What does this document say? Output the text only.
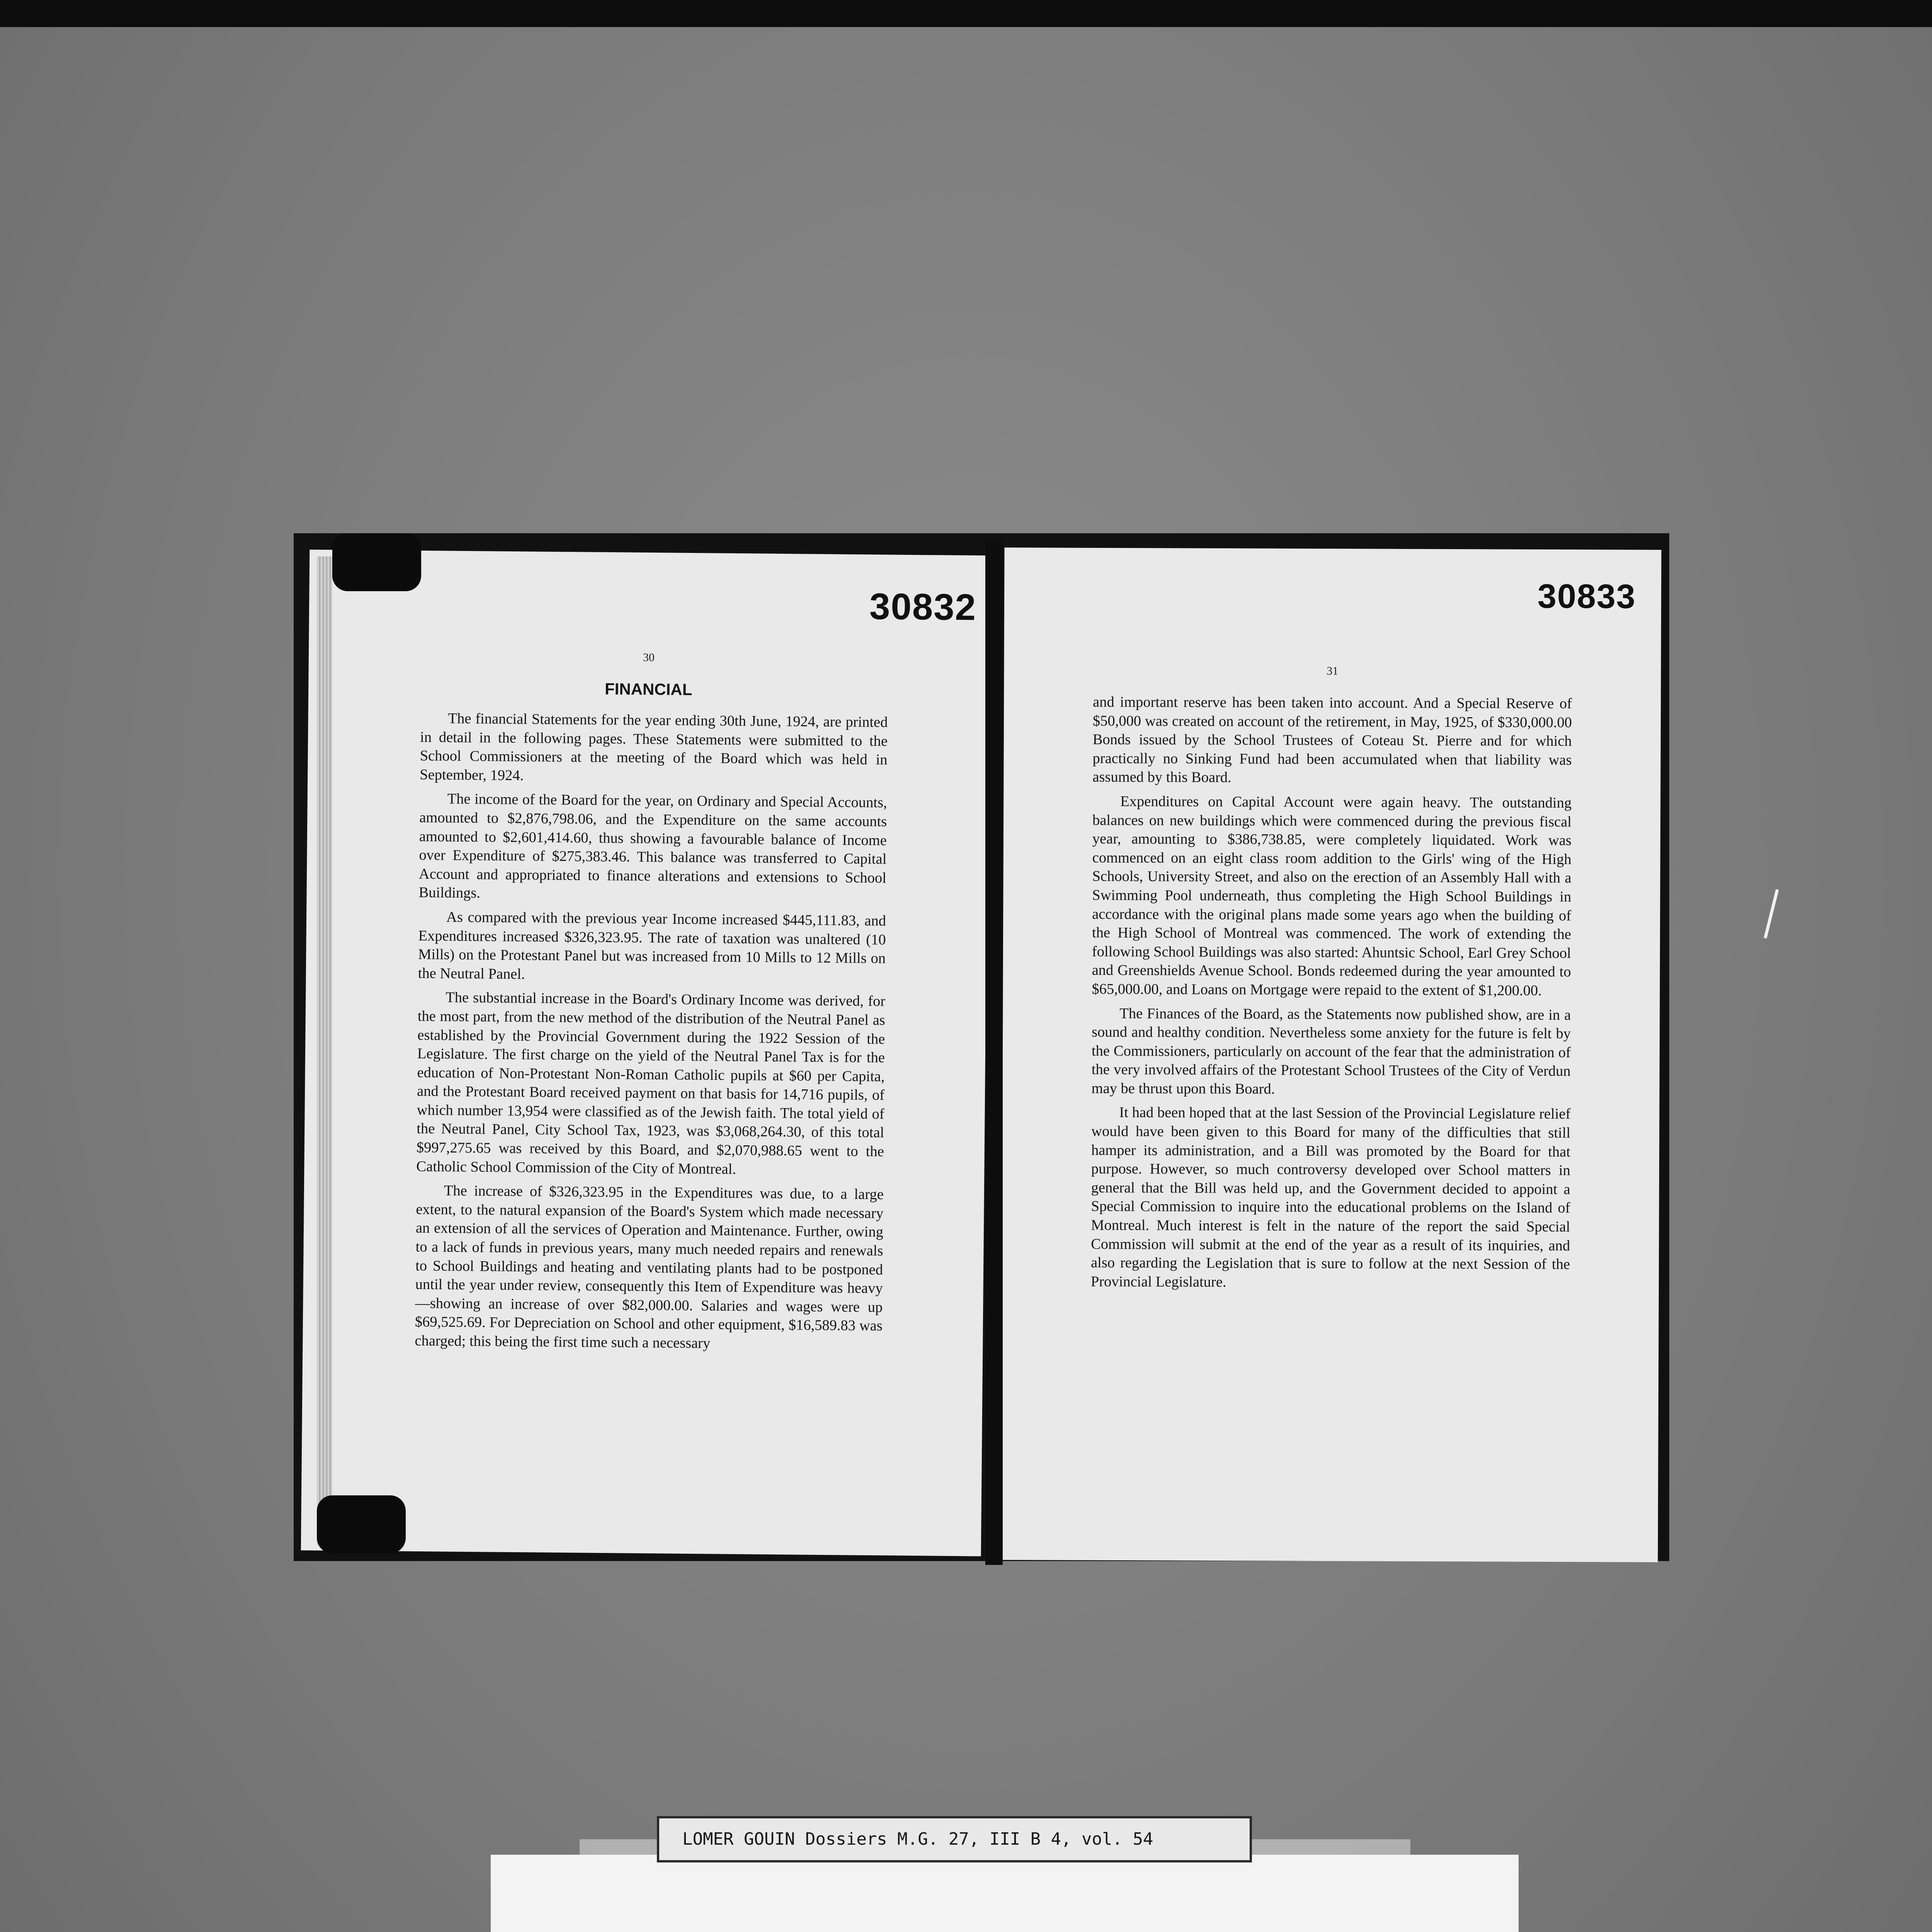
30832
30
FINANCIAL

The financial Statements for the year ending 30th June, 1924, are printed in detail in the following pages. These Statements were submitted to the School Commissioners at the meeting of the Board which was held in September, 1924.

The income of the Board for the year, on Ordinary and Special Accounts, amounted to $2,876,798.06, and the Expenditure on the same accounts amounted to $2,601,414.60, thus showing a favourable balance of Income over Expenditure of $275,383.46. This balance was transferred to Capital Account and appropriated to finance alterations and extensions to School Buildings.

As compared with the previous year Income increased $445,111.83, and Expenditures increased $326,323.95. The rate of taxation was unaltered (10 Mills) on the Protestant Panel but was increased from 10 Mills to 12 Mills on the Neutral Panel.

The substantial increase in the Board's Ordinary Income was derived, for the most part, from the new method of the distribution of the Neutral Panel as established by the Provincial Government during the 1922 Session of the Legislature. The first charge on the yield of the Neutral Panel Tax is for the education of Non-Protestant Non-Roman Catholic pupils at $60 per Capita, and the Protestant Board received payment on that basis for 14,716 pupils, of which number 13,954 were classified as of the Jewish faith. The total yield of the Neutral Panel, City School Tax, 1923, was $3,068,264.30, of this total $997,275.65 was received by this Board, and $2,070,988.65 went to the Catholic School Commission of the City of Montreal.

The increase of $326,323.95 in the Expenditures was due, to a large extent, to the natural expansion of the Board's System which made necessary an extension of all the services of Operation and Maintenance. Further, owing to a lack of funds in previous years, many much needed repairs and renewals to School Buildings and heating and ventilating plants had to be postponed until the year under review, consequently this Item of Expenditure was heavy—showing an increase of over $82,000.00. Salaries and wages were up $69,525.69. For Depreciation on School and other equipment, $16,589.83 was charged; this being the first time such a necessary

30833
31

and important reserve has been taken into account. And a Special Reserve of $50,000 was created on account of the retirement, in May, 1925, of $330,000.00 Bonds issued by the School Trustees of Coteau St. Pierre and for which practically no Sinking Fund had been accumulated when that liability was assumed by this Board.

Expenditures on Capital Account were again heavy. The outstanding balances on new buildings which were commenced during the previous fiscal year, amounting to $386,738.85, were completely liquidated. Work was commenced on an eight class room addition to the Girls' wing of the High Schools, University Street, and also on the erection of an Assembly Hall with a Swimming Pool underneath, thus completing the High School Buildings in accordance with the original plans made some years ago when the building of the High School of Montreal was commenced. The work of extending the following School Buildings was also started: Ahuntsic School, Earl Grey School and Greenshields Avenue School. Bonds redeemed during the year amounted to $65,000.00, and Loans on Mortgage were repaid to the extent of $1,200.00.

The Finances of the Board, as the Statements now published show, are in a sound and healthy condition. Nevertheless some anxiety for the future is felt by the Commissioners, particularly on account of the fear that the administration of the very involved affairs of the Protestant School Trustees of the City of Verdun may be thrust upon this Board.

It had been hoped that at the last Session of the Provincial Legislature relief would have been given to this Board for many of the difficulties that still hamper its administration, and a Bill was promoted by the Board for that purpose. However, so much controversy developed over School matters in general that the Bill was held up, and the Government decided to appoint a Special Commission to inquire into the educational problems on the Island of Montreal. Much interest is felt in the nature of the report the said Special Commission will submit at the end of the year as a result of its inquiries, and also regarding the Legislation that is sure to follow at the next Session of the Provincial Legislature.

LOMER GOUIN Dossiers M.G. 27, III B 4, vol. 54
